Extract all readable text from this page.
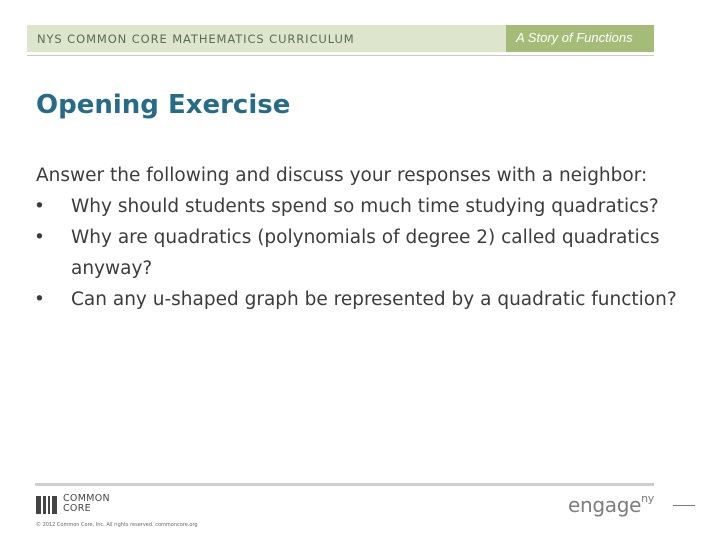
NYS COMMON CORE MATHEMATICS CURRICULUM	A Story of Functions
Opening Exercise
Answer the following and discuss your responses with a neighbor:
• Why should students spend so much time studying quadratics?
• Why are quadratics (polynomials of degree 2) called quadratics anyway?
• Can any u-shaped graph be represented by a quadratic function?
COMMON CORE
© 2012 Common Core, Inc. All rights reserved. commoncore.org
engage$^{ny}$
